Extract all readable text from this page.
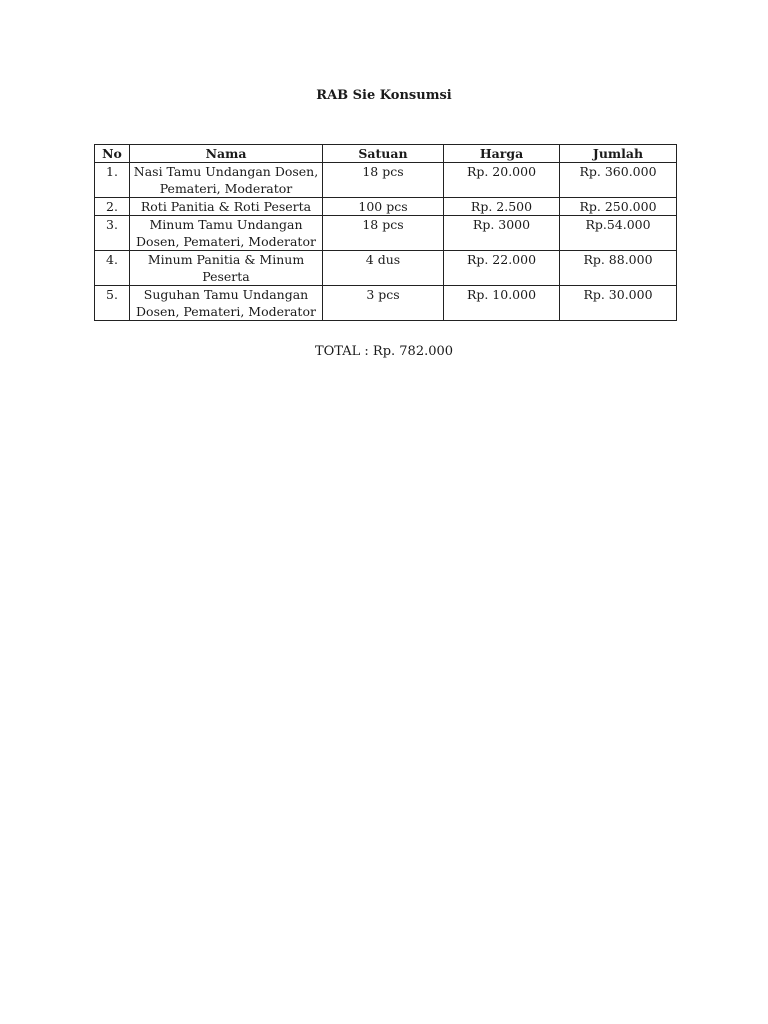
RAB Sie Konsumsi
No	Nama	Satuan	Harga	Jumlah
1.	Nasi Tamu Undangan Dosen, Pemateri, Moderator	18 pcs	Rp. 20.000	Rp. 360.000
2.	Roti Panitia & Roti Peserta	100 pcs	Rp. 2.500	Rp. 250.000
3.	Minum Tamu Undangan Dosen, Pemateri, Moderator	18 pcs	Rp. 3000	Rp.54.000
4.	Minum Panitia & Minum Peserta	4 dus	Rp. 22.000	Rp. 88.000
5.	Suguhan Tamu Undangan Dosen, Pemateri, Moderator	3 pcs	Rp. 10.000	Rp. 30.000
TOTAL : Rp. 782.000
